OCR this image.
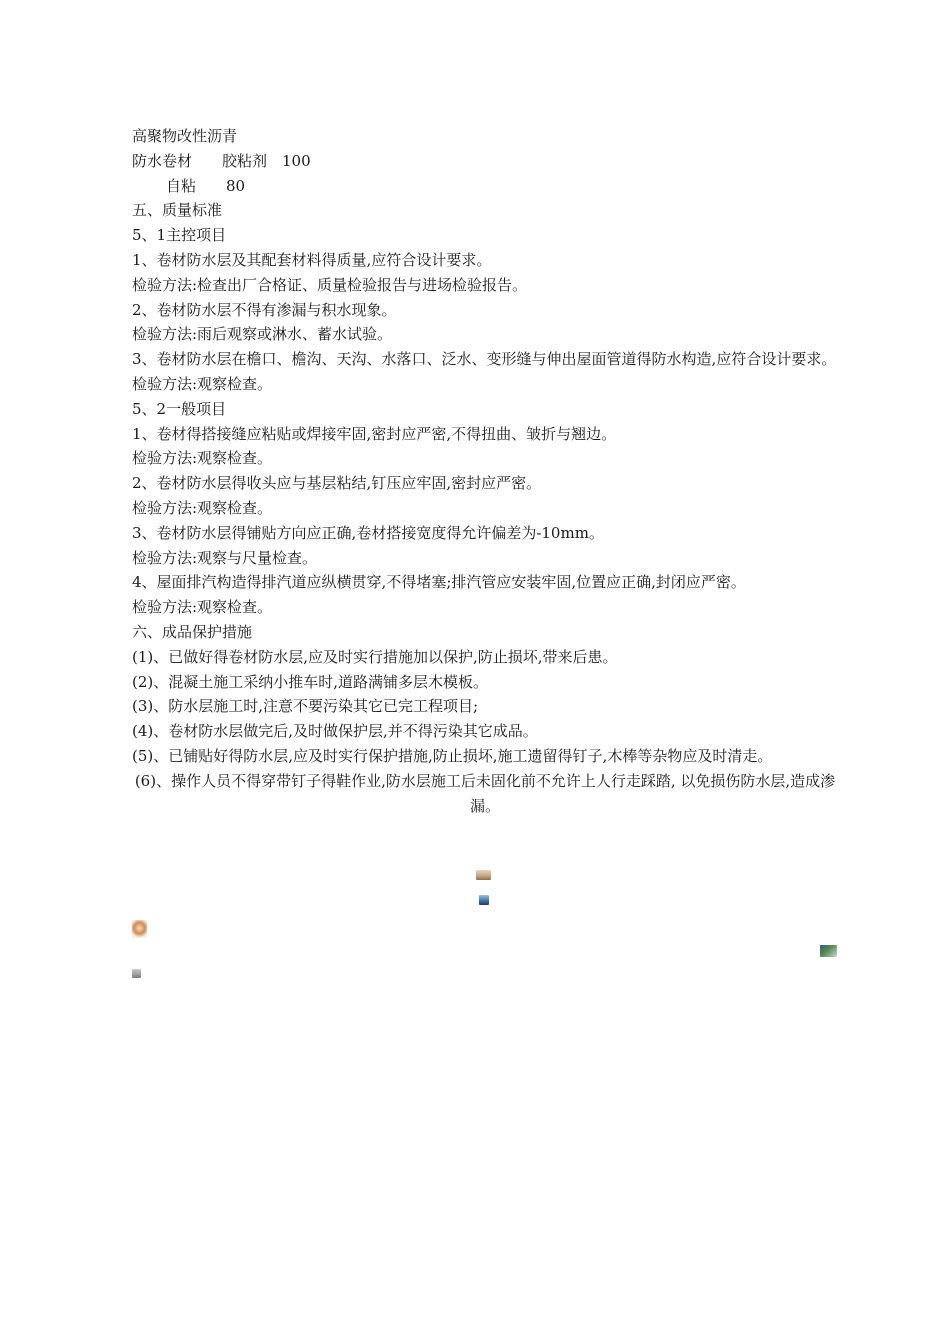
高聚物改性沥青

防水卷材　　胶粘剂　100

自粘　　80

五、质量标准

5、1主控项目

1、卷材防水层及其配套材料得质量,应符合设计要求。

检验方法:检查出厂合格证、质量检验报告与进场检验报告。

2、卷材防水层不得有渗漏与积水现象。

检验方法:雨后观察或淋水、蓄水试验。

3、卷材防水层在檐口、檐沟、天沟、水落口、泛水、变形缝与伸出屋面管道得防水构造,应符合设计要求。

检验方法:观察检查。

5、2一般项目

1、卷材得搭接缝应粘贴或焊接牢固,密封应严密,不得扭曲、皱折与翘边。

检验方法:观察检查。

2、卷材防水层得收头应与基层粘结,钉压应牢固,密封应严密。

检验方法:观察检查。

3、卷材防水层得铺贴方向应正确,卷材搭接宽度得允许偏差为-10mm。

检验方法:观察与尺量检查。

4、屋面排汽构造得排汽道应纵横贯穿,不得堵塞;排汽管应安装牢固,位置应正确,封闭应严密。

检验方法:观察检查。

六、成品保护措施

(1)、已做好得卷材防水层,应及时实行措施加以保护,防止损坏,带来后患。

(2)、混凝土施工采纳小推车时,道路满铺多层木模板。

(3)、防水层施工时,注意不要污染其它已完工程项目;

(4)、卷材防水层做完后,及时做保护层,并不得污染其它成品。

(5)、已铺贴好得防水层,应及时实行保护措施,防止损坏,施工遗留得钉子,木棒等杂物应及时清走。

(6)、操作人员不得穿带钉子得鞋作业,防水层施工后未固化前不允许上人行走踩踏, 以免损伤防水层,造成渗漏。
